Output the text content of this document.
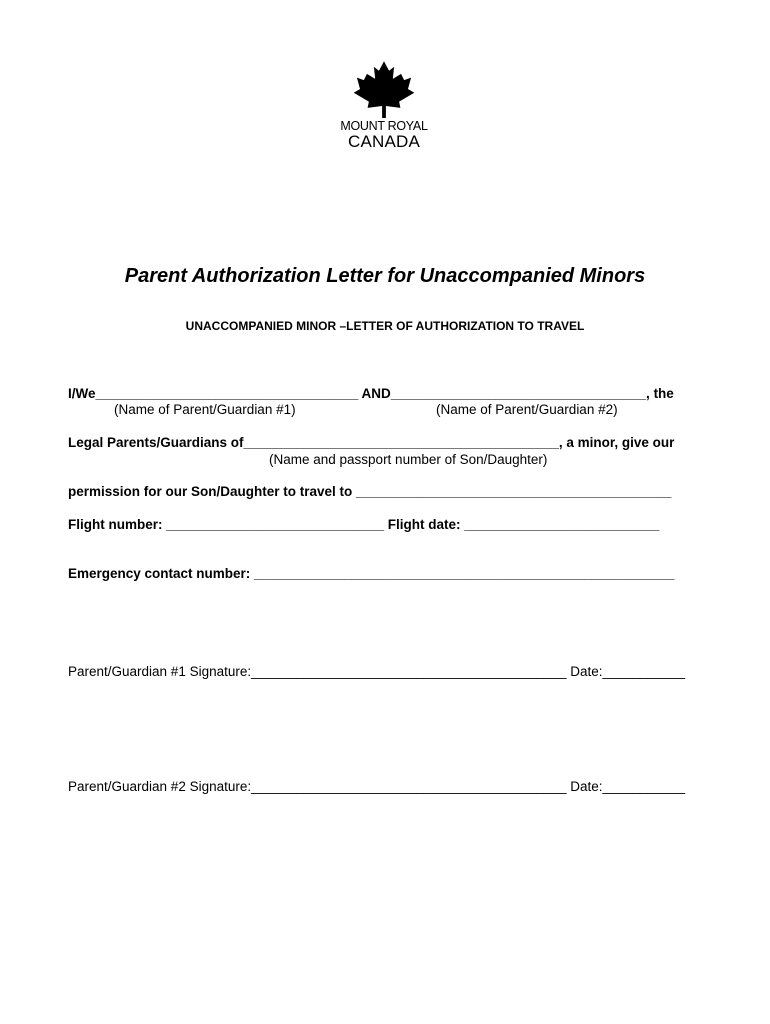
MOUNT ROYAL
CANADA
Parent Authorization Letter for Unaccompanied Minors
UNACCOMPANIED MINOR –LETTER OF AUTHORIZATION TO TRAVEL
I/We___________________________________ AND__________________________________, the
(Name of Parent/Guardian #1)	(Name of Parent/Guardian #2)
Legal Parents/Guardians of__________________________________________, a minor, give our
(Name and passport number of Son/Daughter)
permission for our Son/Daughter to travel to __________________________________________
Flight number: _____________________________ Flight date: __________________________
Emergency contact number: ________________________________________________________
Parent/Guardian #1 Signature:__________________________________________ Date:___________
Parent/Guardian #2 Signature:__________________________________________ Date:___________
